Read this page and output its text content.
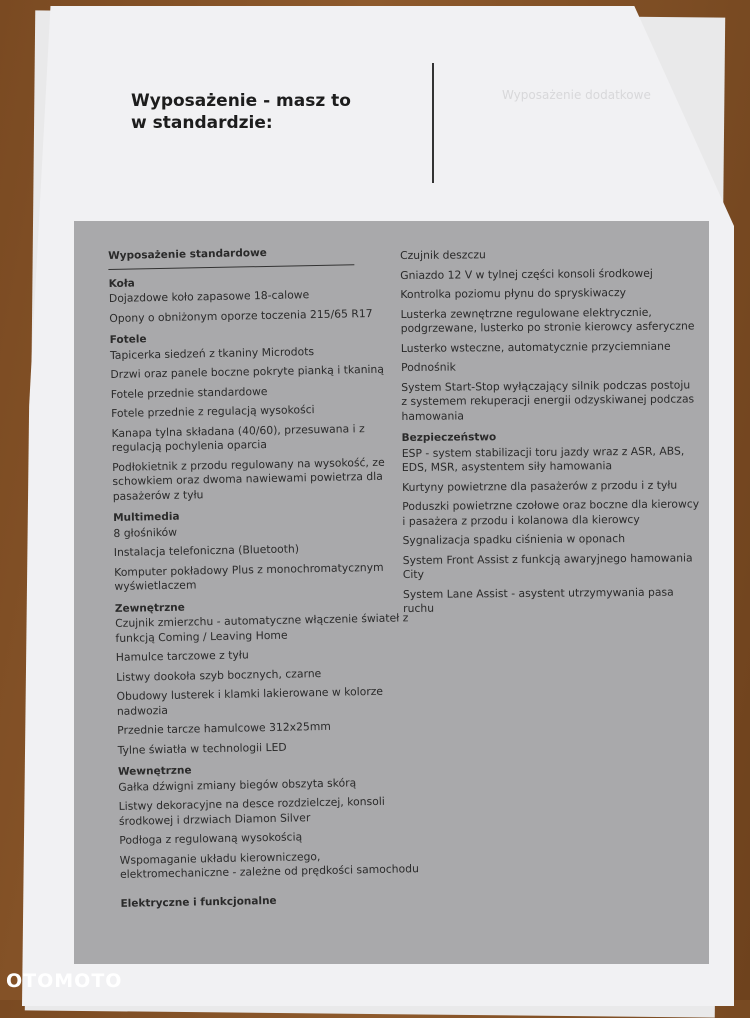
Wyposażenie - masz to
w standardzie:
Wyposażenie dodatkowe
Wyposażenie standardowe
Koła
Dojazdowe koło zapasowe 18-calowe
Opony o obniżonym oporze toczenia 215/65 R17
Fotele
Tapicerka siedzeń z tkaniny Microdots
Drzwi oraz panele boczne pokryte pianką i tkaniną
Fotele przednie standardowe
Fotele przednie z regulacją wysokości
Kanapa tylna składana (40/60), przesuwana i z regulacją pochylenia oparcia
Podłokietnik z przodu regulowany na wysokość, ze schowkiem oraz dwoma nawiewami powietrza dla pasażerów z tyłu
Multimedia
8 głośników
Instalacja telefoniczna (Bluetooth)
Komputer pokładowy Plus z monochromatycznym wyświetlaczem
Zewnętrzne
Czujnik zmierzchu - automatyczne włączenie świateł z funkcją Coming / Leaving Home
Hamulce tarczowe z tyłu
Listwy dookoła szyb bocznych, czarne
Obudowy lusterek i klamki lakierowane w kolorze nadwozia
Przednie tarcze hamulcowe 312x25mm
Tylne światła w technologii LED
Wewnętrzne
Gałka dźwigni zmiany biegów obszyta skórą
Listwy dekoracyjne na desce rozdzielczej, konsoli środkowej i drzwiach Diamon Silver
Podłoga z regulowaną wysokością
Wspomaganie układu kierowniczego, elektromechaniczne - zależne od prędkości samochodu
Elektryczne i funkcjonalne
Czujnik deszczu
Gniazdo 12 V w tylnej części konsoli środkowej
Kontrolka poziomu płynu do spryskiwaczy
Lusterka zewnętrzne regulowane elektrycznie, podgrzewane, lusterko po stronie kierowcy asferyczne
Lusterko wsteczne, automatycznie przyciemniane
Podnośnik
System Start-Stop wyłączający silnik podczas postoju z systemem rekuperacji energii odzyskiwanej podczas hamowania
Bezpieczeństwo
ESP - system stabilizacji toru jazdy wraz z ASR, ABS, EDS, MSR, asystentem siły hamowania
Kurtyny powietrzne dla pasażerów z przodu i z tyłu
Poduszki powietrzne czołowe oraz boczne dla kierowcy i pasażera z przodu i kolanowa dla kierowcy
Sygnalizacja spadku ciśnienia w oponach
System Front Assist z funkcją awaryjnego hamowania City
System Lane Assist - asystent utrzymywania pasa ruchu
OTOMOTO
